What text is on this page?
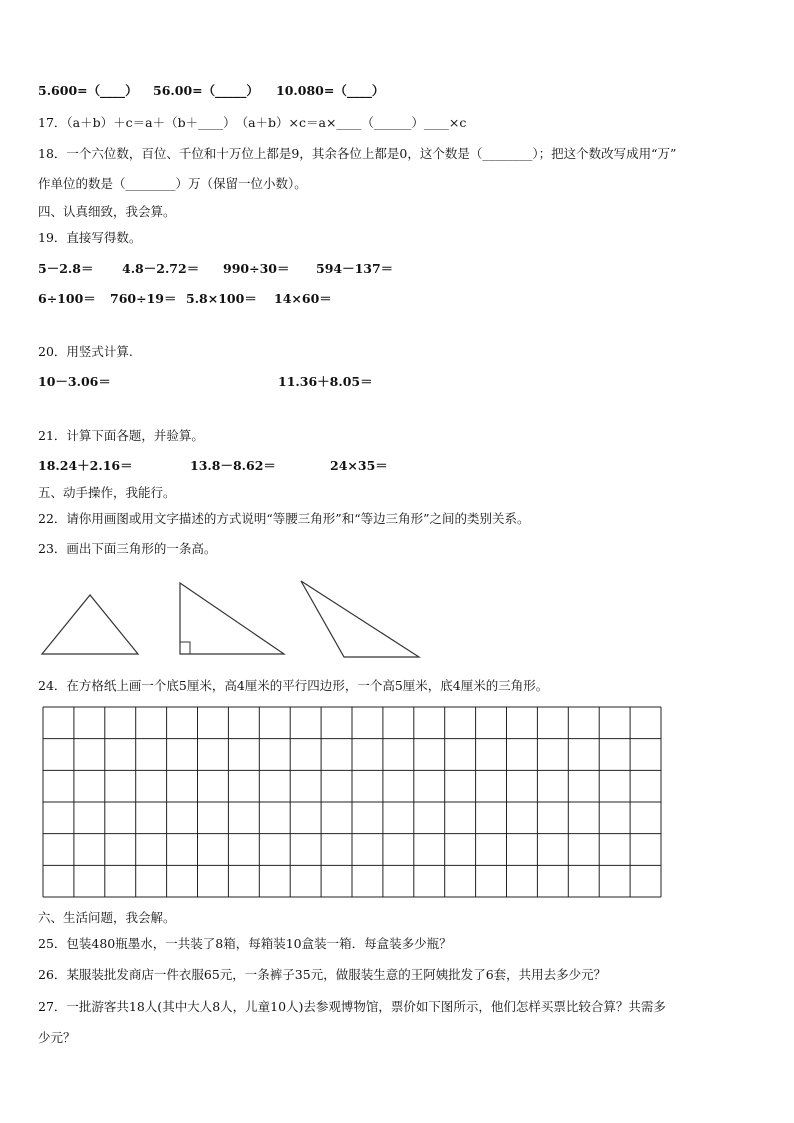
5.600=（____） 56.00=（_____） 10.080=（____）
17．（a＋b）＋c＝a＋（b＋____）　（a＋b）×c＝a×____（______）____×c
18．一个六位数，百位、千位和十万位上都是9，其余各位上都是0，这个数是（________）；把这个数改写成用“万”
作单位的数是（________）万（保留一位小数）。
四、认真细致，我会算。
19．直接写得数。
5－2.8＝ 4.8－2.72＝ 990÷30＝ 594－137＝
6÷100＝ 760÷19＝ 5.8×100＝ 14×60＝
20．用竖式计算.
10－3.06＝	11.36＋8.05＝
21．计算下面各题，并验算。
18.24＋2.16＝	13.8－8.62＝	24×35＝
五、动手操作，我能行。
22．请你用画图或用文字描述的方式说明“等腰三角形”和“等边三角形”之间的类别关系。
23．画出下面三角形的一条高。
24．在方格纸上画一个底5厘米，高4厘米的平行四边形，一个高5厘米，底4厘米的三角形。
六、生活问题，我会解。
25．包装480瓶墨水，一共装了8箱，每箱装10盒装一箱．每盒装多少瓶？
26．某服装批发商店一件衣服65元，一条裤子35元，做服装生意的王阿姨批发了6套，共用去多少元？
27．一批游客共18人(其中大人8人，儿童10人)去参观博物馆，票价如下图所示，他们怎样买票比较合算？共需多
少元？
